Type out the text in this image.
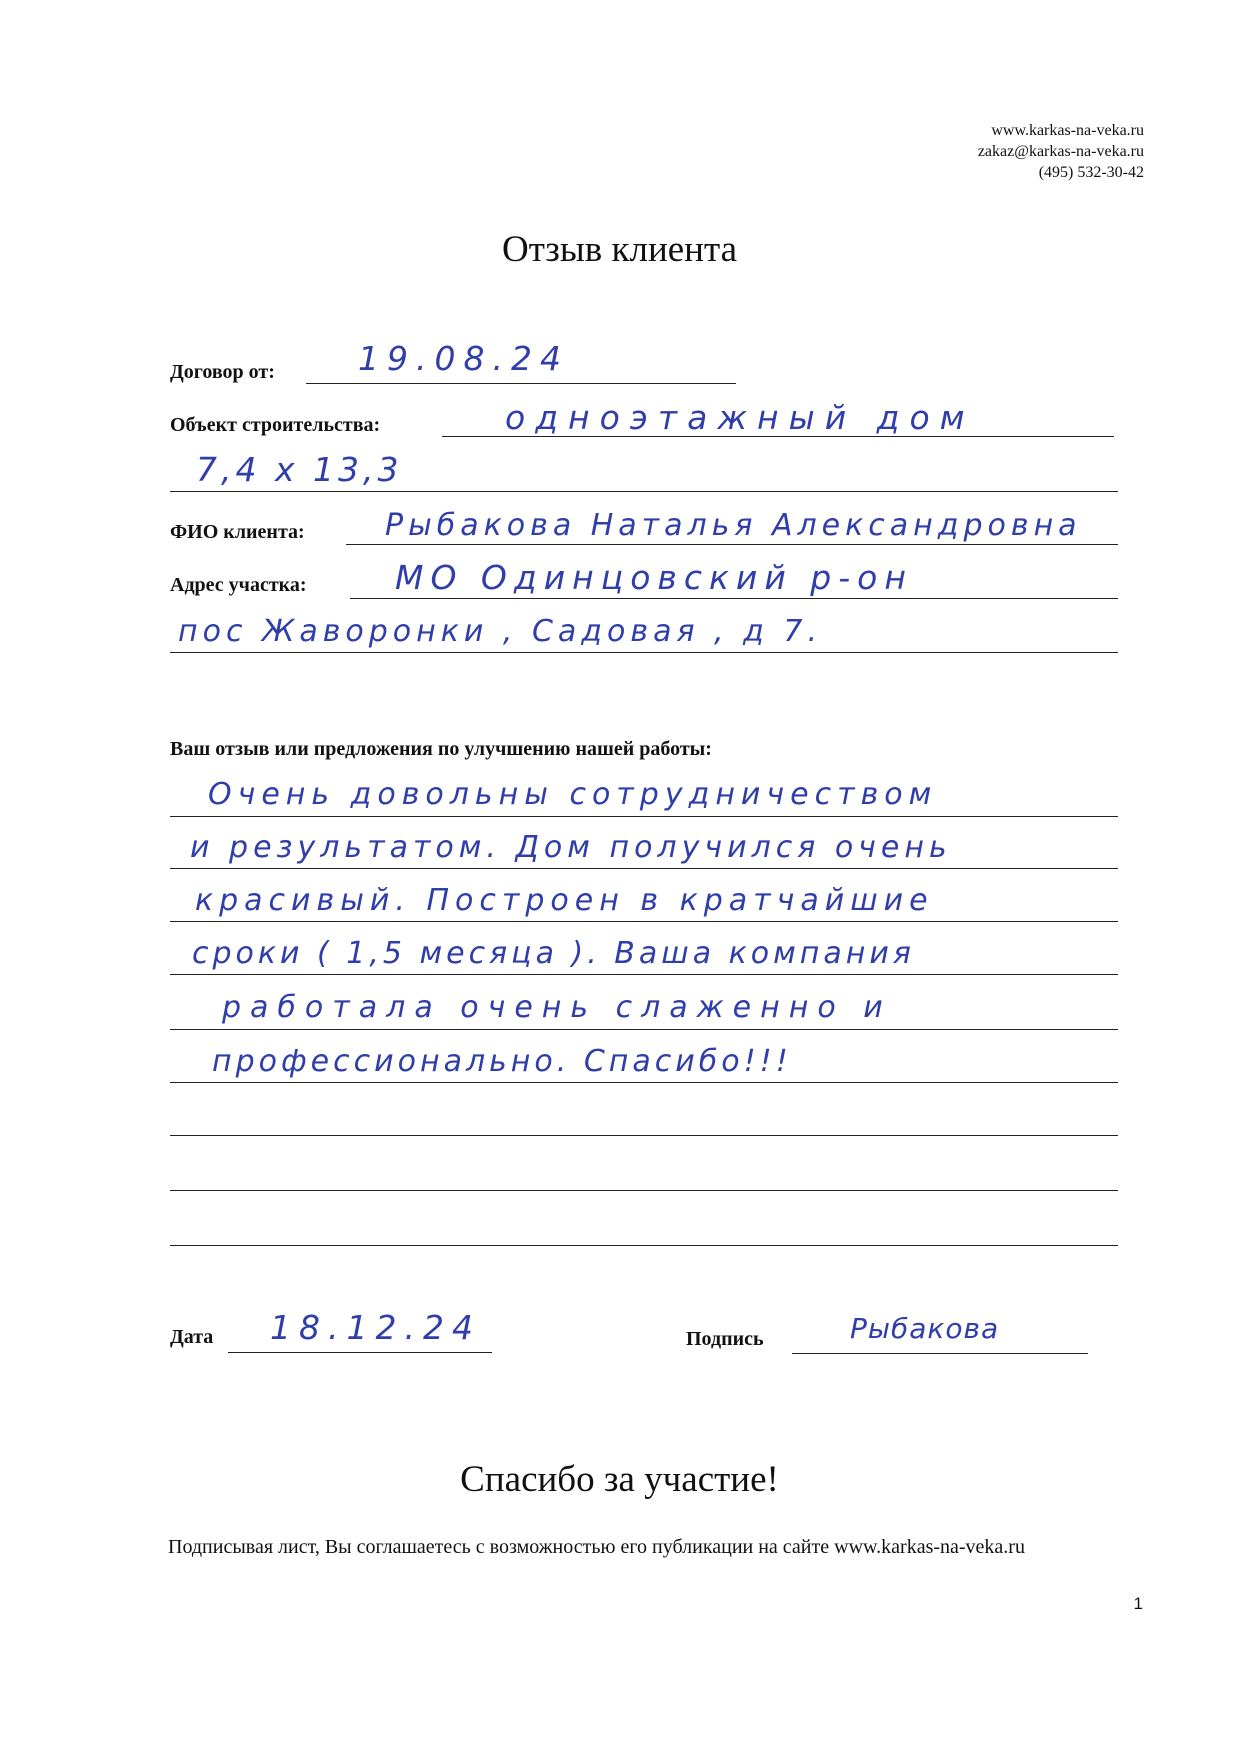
www.karkas-na-veka.ru
zakaz@karkas-na-veka.ru
(495) 532-30-42
Отзыв клиента
Договор от:	19.08.24
Объект строительства:	одноэтажный дом
7,4 х 13,3
ФИО клиента:	Рыбакова Наталья Александровна
Адрес участка:	МО Одинцовский р-он
пос Жаворонки , Садовая , д 7.
Ваш отзыв или предложения по улучшению нашей работы:
Очень довольны сотрудничеством
и результатом. Дом получился очень
красивый. Построен в кратчайшие
сроки ( 1,5 месяца ). Ваша компания
работала очень слаженно и
профессионально. Спасибо!!!
Дата 18.12.24	Подпись	Рыбакова
Спасибо за участие!
Подписывая лист, Вы соглашаетесь с возможностью его публикации на сайте www.karkas-na-veka.ru
1
